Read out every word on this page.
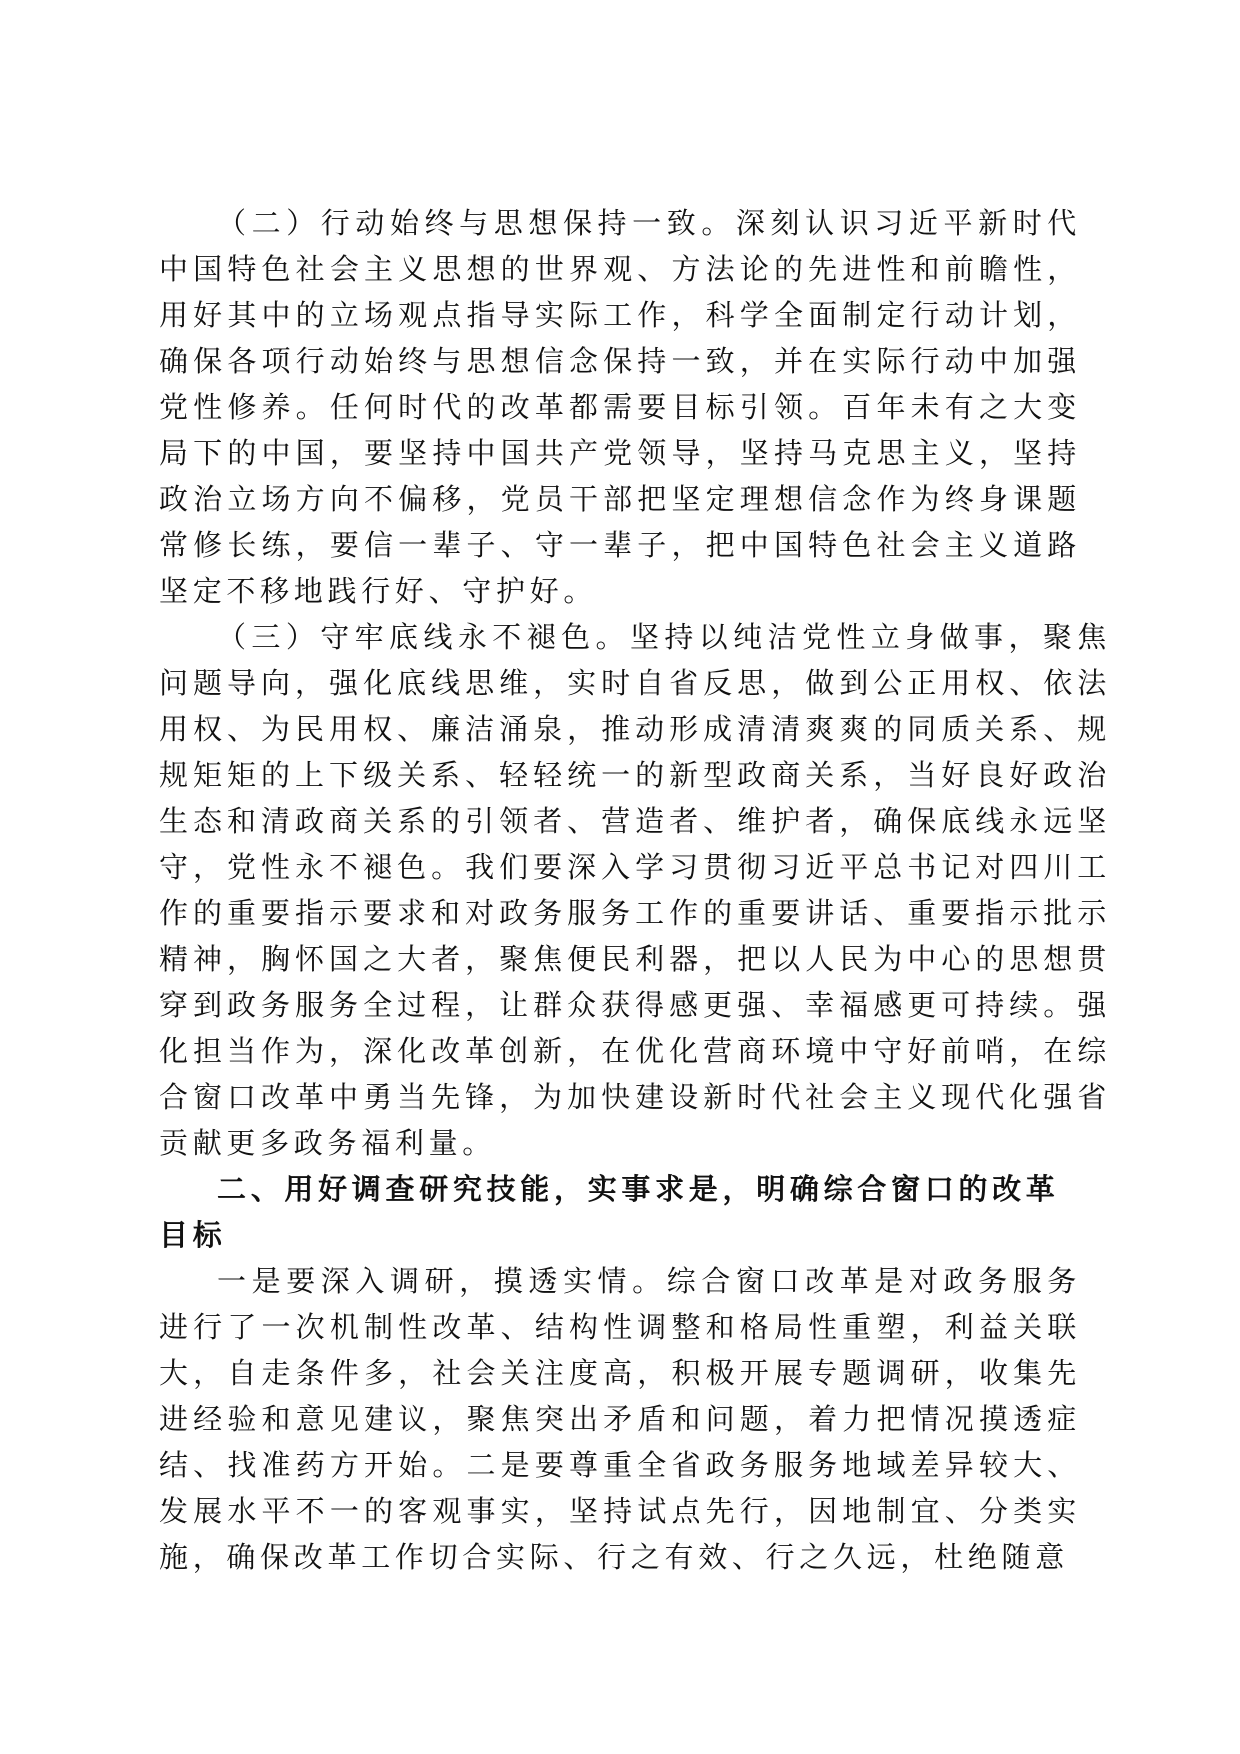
（二）行动始终与思想保持一致。深刻认识习近平新时代中国特色社会主义思想的世界观、方法论的先进性和前瞻性，用好其中的立场观点指导实际工作，科学全面制定行动计划，确保各项行动始终与思想信念保持一致，并在实际行动中加强党性修养。任何时代的改革都需要目标引领。百年未有之大变局下的中国，要坚持中国共产党领导，坚持马克思主义，坚持政治立场方向不偏移，党员干部把坚定理想信念作为终身课题常修长练，要信一辈子、守一辈子，把中国特色社会主义道路坚定不移地践行好、守护好。

（三）守牢底线永不褪色。坚持以纯洁党性立身做事，聚焦问题导向，强化底线思维，实时自省反思，做到公正用权、依法用权、为民用权、廉洁涌泉，推动形成清清爽爽的同质关系、规规矩矩的上下级关系、轻轻统一的新型政商关系，当好良好政治生态和清政商关系的引领者、营造者、维护者，确保底线永远坚守，党性永不褪色。我们要深入学习贯彻习近平总书记对四川工作的重要指示要求和对政务服务工作的重要讲话、重要指示批示精神，胸怀国之大者，聚焦便民利器，把以人民为中心的思想贯穿到政务服务全过程，让群众获得感更强、幸福感更可持续。强化担当作为，深化改革创新，在优化营商环境中守好前哨，在综合窗口改革中勇当先锋，为加快建设新时代社会主义现代化强省贡献更多政务福利量。

二、用好调查研究技能，实事求是，明确综合窗口的改革目标

一是要深入调研，摸透实情。综合窗口改革是对政务服务进行了一次机制性改革、结构性调整和格局性重塑，利益关联大，自走条件多，社会关注度高，积极开展专题调研，收集先进经验和意见建议，聚焦突出矛盾和问题，着力把情况摸透症结、找准药方开始。二是要尊重全省政务服务地域差异较大、发展水平不一的客观事实，坚持试点先行，因地制宜、分类实施，确保改革工作切合实际、行之有效、行之久远，杜绝随意
